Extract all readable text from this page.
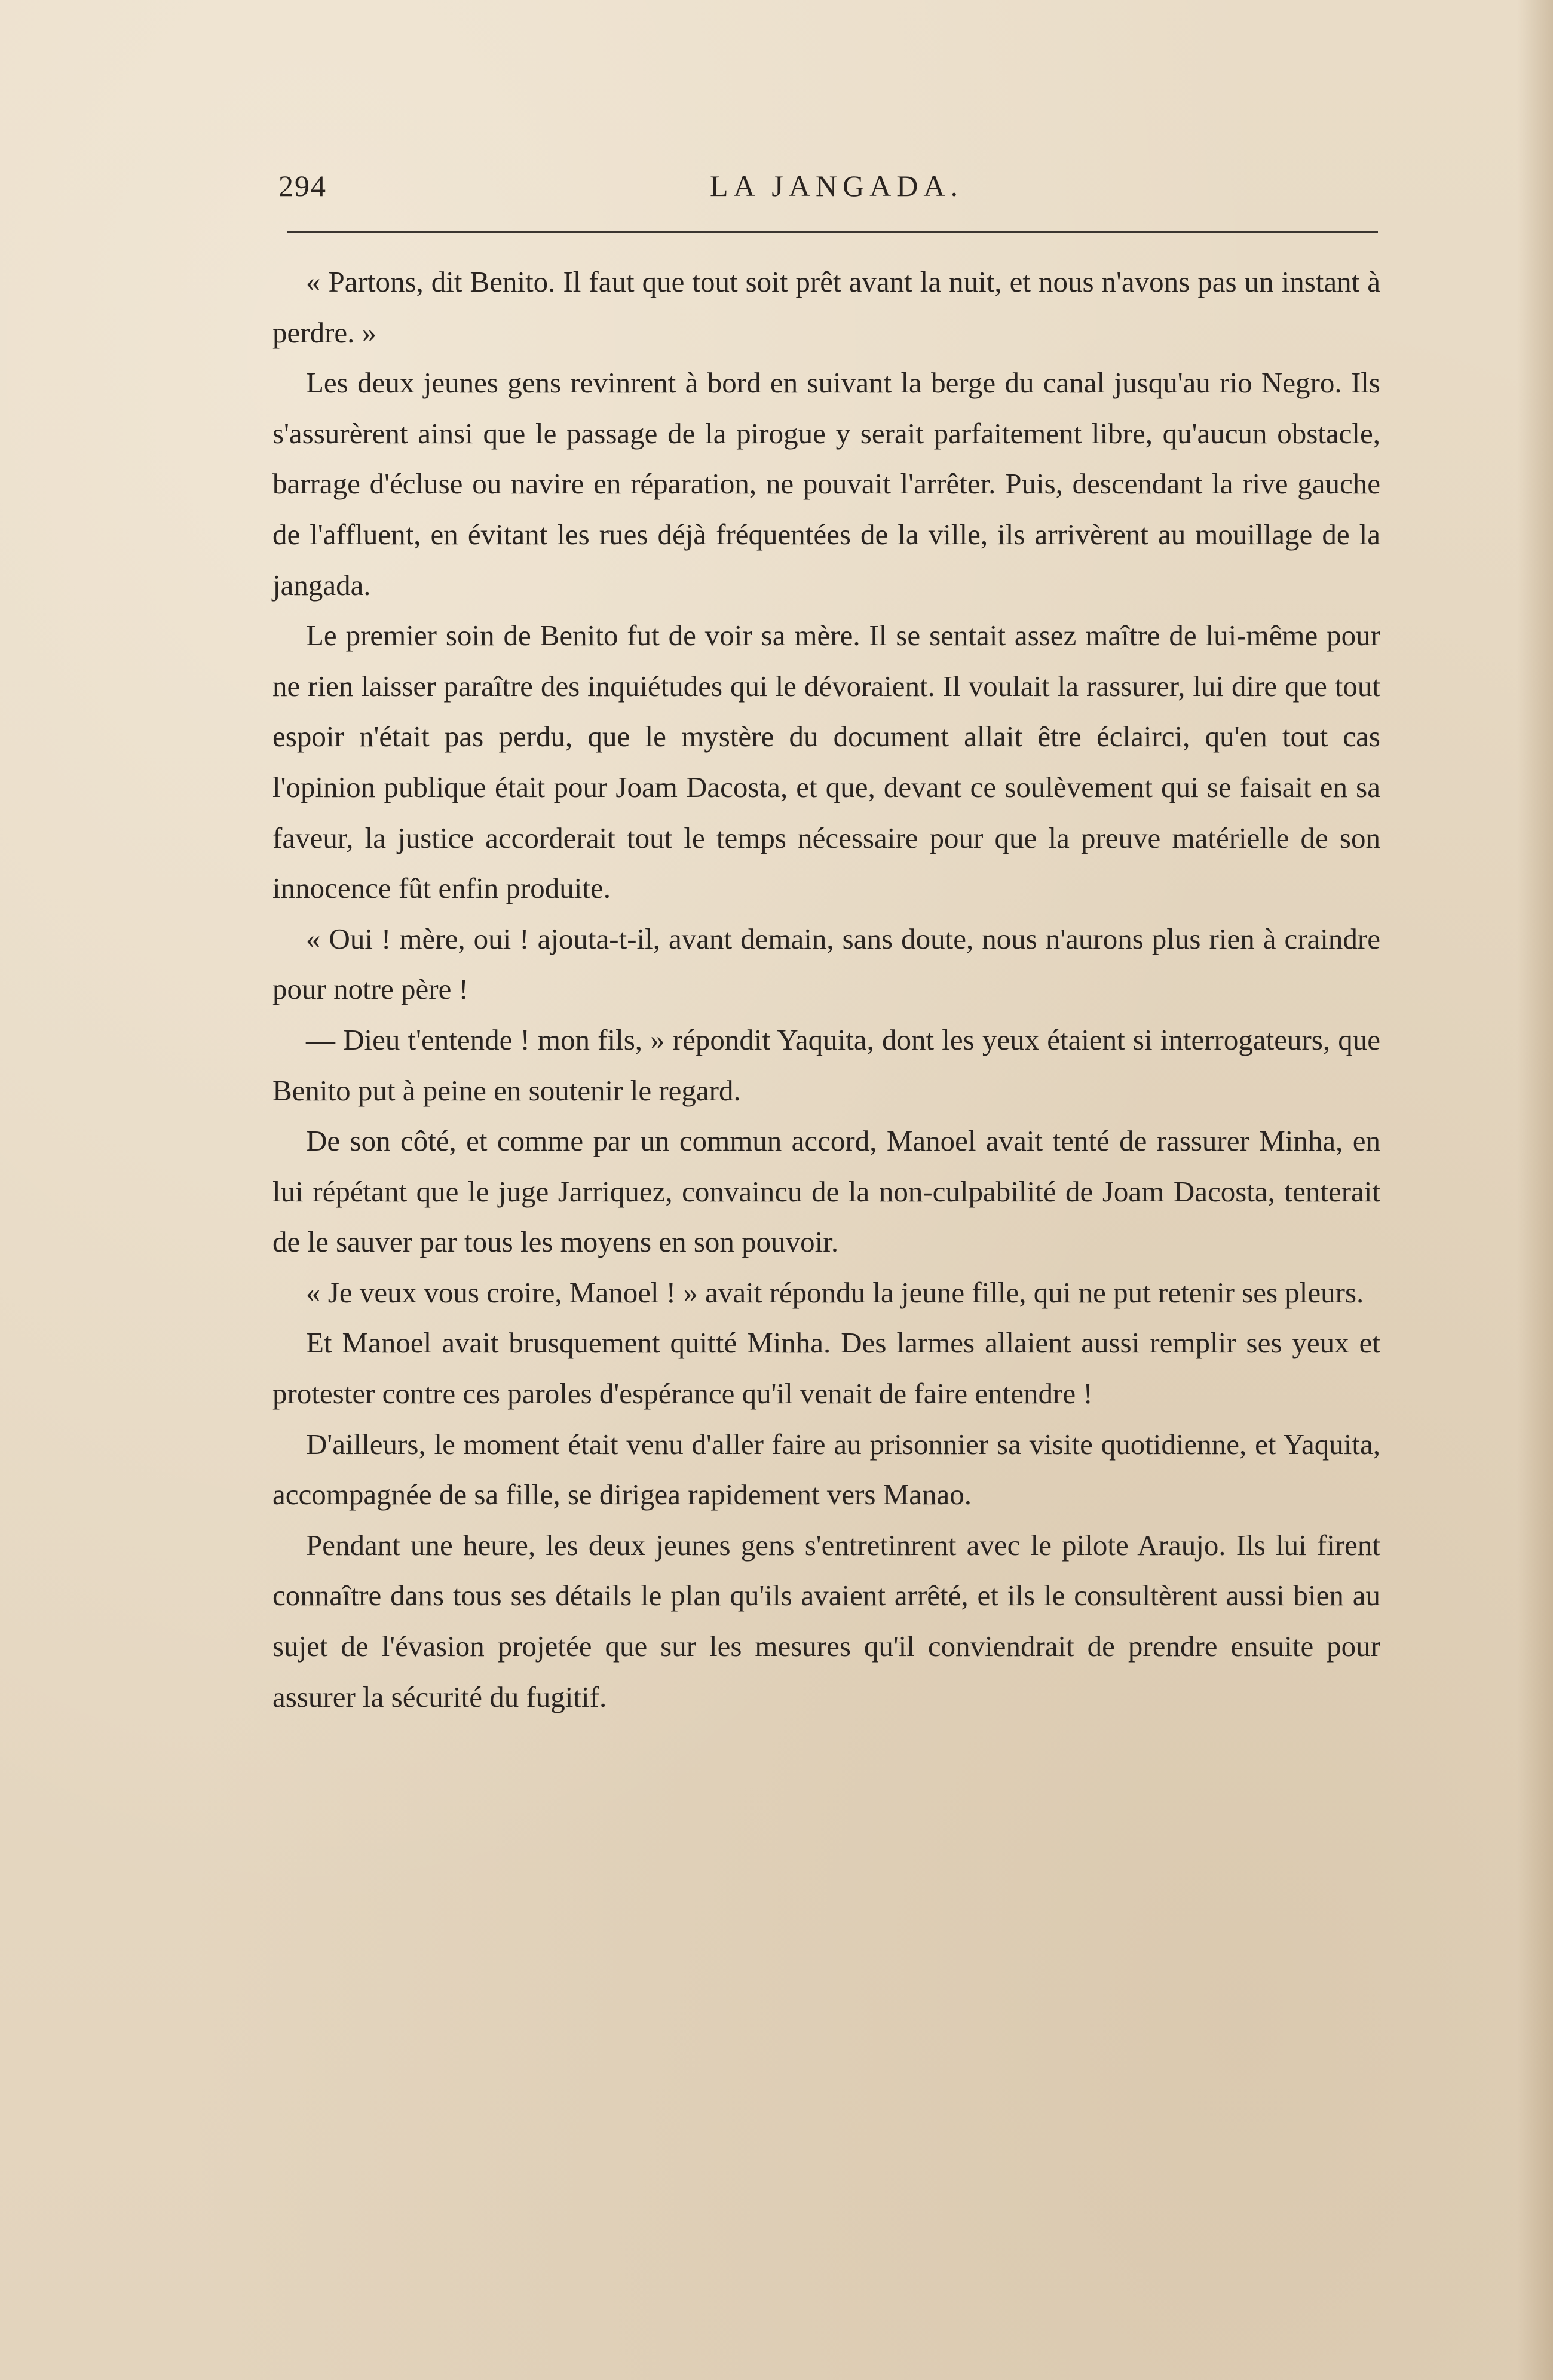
294	LA JANGADA.

« Partons, dit Benito. Il faut que tout soit prêt avant la nuit, et nous n'avons pas un instant à perdre. »

Les deux jeunes gens revinrent à bord en suivant la berge du canal jusqu'au rio Negro. Ils s'assurèrent ainsi que le passage de la pirogue y serait parfaitement libre, qu'aucun obstacle, barrage d'écluse ou navire en réparation, ne pouvait l'arrêter. Puis, descendant la rive gauche de l'affluent, en évitant les rues déjà fréquentées de la ville, ils arrivèrent au mouillage de la jangada.

Le premier soin de Benito fut de voir sa mère. Il se sentait assez maître de lui-même pour ne rien laisser paraître des inquiétudes qui le dévoraient. Il voulait la rassurer, lui dire que tout espoir n'était pas perdu, que le mystère du document allait être éclairci, qu'en tout cas l'opinion publique était pour Joam Dacosta, et que, devant ce soulèvement qui se faisait en sa faveur, la justice accorderait tout le temps nécessaire pour que la preuve matérielle de son innocence fût enfin produite.

« Oui ! mère, oui ! ajouta-t-il, avant demain, sans doute, nous n'aurons plus rien à craindre pour notre père !

— Dieu t'entende ! mon fils, » répondit Yaquita, dont les yeux étaient si interrogateurs, que Benito put à peine en soutenir le regard.

De son côté, et comme par un commun accord, Manoel avait tenté de rassurer Minha, en lui répétant que le juge Jarriquez, convaincu de la non-culpabilité de Joam Dacosta, tenterait de le sauver par tous les moyens en son pouvoir.

« Je veux vous croire, Manoel ! » avait répondu la jeune fille, qui ne put retenir ses pleurs.

Et Manoel avait brusquement quitté Minha. Des larmes allaient aussi remplir ses yeux et protester contre ces paroles d'espérance qu'il venait de faire entendre !

D'ailleurs, le moment était venu d'aller faire au prisonnier sa visite quotidienne, et Yaquita, accompagnée de sa fille, se dirigea rapidement vers Manao.

Pendant une heure, les deux jeunes gens s'entretinrent avec le pilote Araujo. Ils lui firent connaître dans tous ses détails le plan qu'ils avaient arrêté, et ils le consultèrent aussi bien au sujet de l'évasion projetée que sur les mesures qu'il conviendrait de prendre ensuite pour assurer la sécurité du fugitif.
